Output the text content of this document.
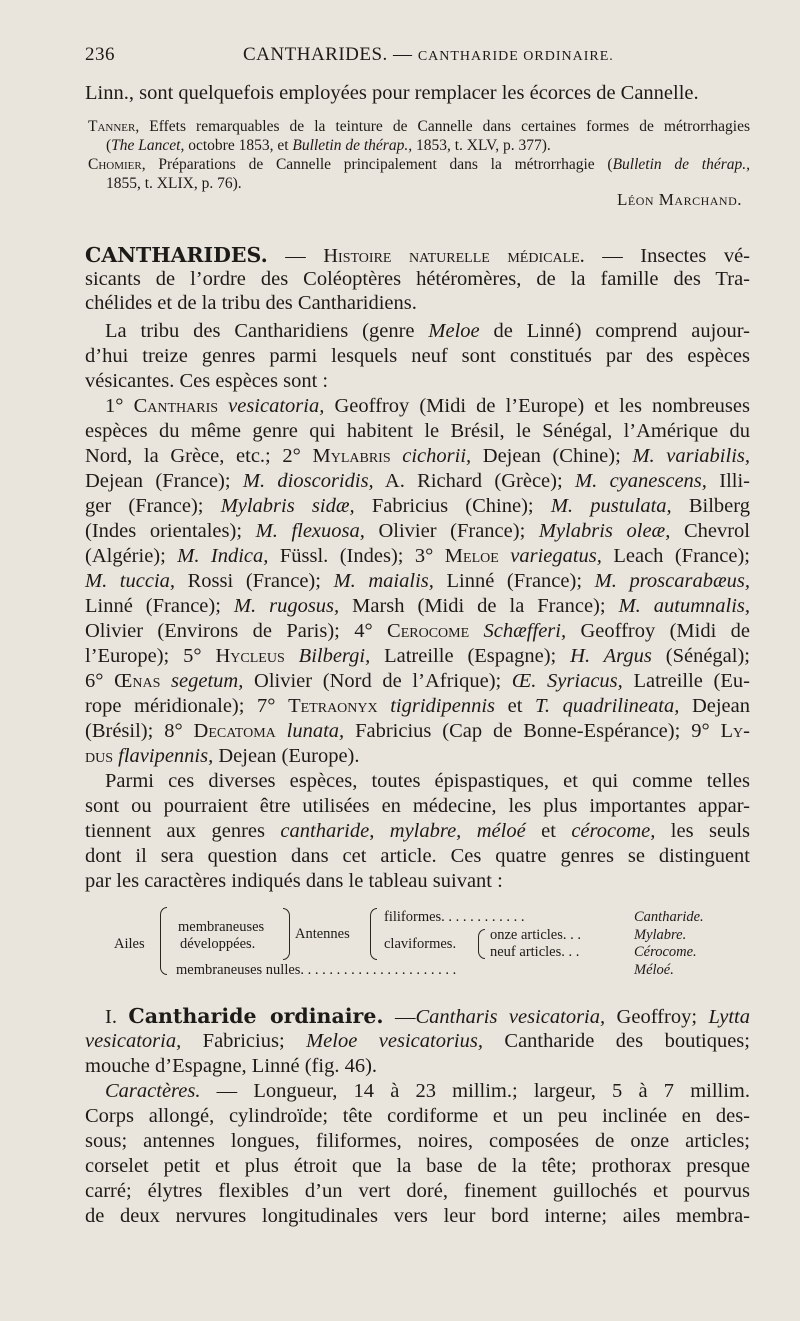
236	CANTHARIDES. — CANTHARIDE ORDINAIRE.
Linn., sont quelquefois employées pour remplacer les écorces de Cannelle.
Tanner, Effets remarquables de la teinture de Cannelle dans certaines formes de métrorrhagies
(The Lancet, octobre 1853, et Bulletin de thérap., 1853, t. XLV, p. 377).
Chomier, Préparations de Cannelle principalement dans la métrorrhagie (Bulletin de thérap.,
1855, t. XLIX, p. 76).
Léon Marchand.
CANTHARIDES. — Histoire naturelle médicale. — Insectes vé-
sicants de l’ordre des Coléoptères hétéromères, de la famille des Tra-
chélides et de la tribu des Cantharidiens.
La tribu des Cantharidiens (genre Meloe de Linné) comprend aujour-
d’hui treize genres parmi lesquels neuf sont constitués par des espèces
vésicantes. Ces espèces sont :
1° Cantharis vesicatoria, Geoffroy (Midi de l’Europe) et les nombreuses
espèces du même genre qui habitent le Brésil, le Sénégal, l’Amérique du
Nord, la Grèce, etc.; 2° Mylabris cichorii, Dejean (Chine); M. variabilis,
Dejean (France); M. dioscoridis, A. Richard (Grèce); M. cyanescens, Illi-
ger (France); Mylabris sidæ, Fabricius (Chine); M. pustulata, Bilberg
(Indes orientales); M. flexuosa, Olivier (France); Mylabris oleæ, Chevrol
(Algérie); M. Indica, Füssl. (Indes); 3° Meloe variegatus, Leach (France);
M. tuccia, Rossi (France); M. maialis, Linné (France); M. proscarabæus,
Linné (France); M. rugosus, Marsh (Midi de la France); M. autumnalis,
Olivier (Environs de Paris); 4° Cerocome Schæfferi, Geoffroy (Midi de
l’Europe); 5° Hycleus Bilbergi, Latreille (Espagne); H. Argus (Sénégal);
6° Œnas segetum, Olivier (Nord de l’Afrique); Œ. Syriacus, Latreille (Eu-
rope méridionale); 7° Tetraonyx tigridipennis et T. quadrilineata, Dejean
(Brésil); 8° Decatoma lunata, Fabricius (Cap de Bonne-Espérance); 9° Ly-
dus flavipennis, Dejean (Europe).
Parmi ces diverses espèces, toutes épispastiques, et qui comme telles
sont ou pourraient être utilisées en médecine, les plus importantes appar-
tiennent aux genres cantharide, mylabre, méloé et cérocome, les seuls
dont il sera question dans cet article. Ces quatre genres se distinguent
par les caractères indiqués dans le tableau suivant :
Ailes
membraneuses
développées.
Antennes
filiformes. . . . . . . . . . . .
claviformes.
onze articles. . .
neuf articles. . .
membraneuses nulles. . . . . . . . . . . . . . . . . . . . . .
Cantharide.
Mylabre.
Cérocome.
Méloé.
I. Cantharide ordinaire. —Cantharis vesicatoria, Geoffroy; Lytta
vesicatoria, Fabricius; Meloe vesicatorius, Cantharide des boutiques;
mouche d’Espagne, Linné (fig. 46).
Caractères. — Longueur, 14 à 23 millim.; largeur, 5 à 7 millim.
Corps allongé, cylindroïde; tête cordiforme et un peu inclinée en des-
sous; antennes longues, filiformes, noires, composées de onze articles;
corselet petit et plus étroit que la base de la tête; prothorax presque
carré; élytres flexibles d’un vert doré, finement guillochés et pourvus
de deux nervures longitudinales vers leur bord interne; ailes membra-
